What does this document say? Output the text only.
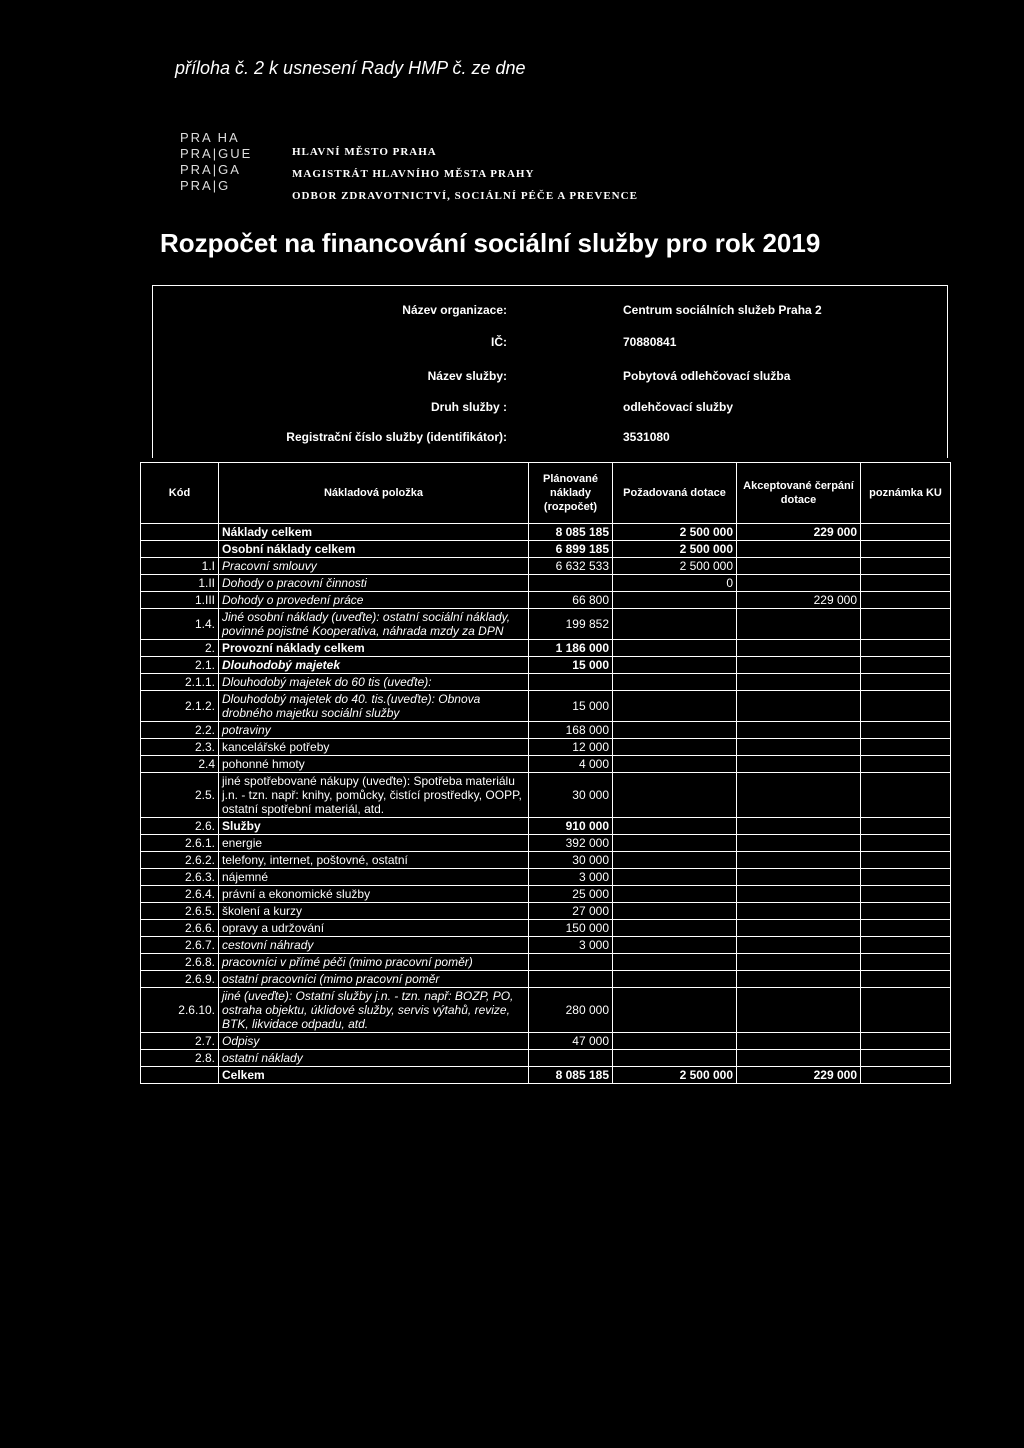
příloha č. 2 k usnesení Rady HMP č. ze dne
PRA HA
PRA|GUE
PRA|GA
PRA|G
HLAVNÍ MĚSTO PRAHA
MAGISTRÁT HLAVNÍHO MĚSTA PRAHY
ODBOR ZDRAVOTNICTVÍ, SOCIÁLNÍ PÉČE A PREVENCE
Rozpočet na financování sociální služby pro rok 2019
Název organizace:	Centrum sociálních služeb Praha 2
IČ:	70880841
Název služby:	Pobytová odlehčovací služba
Druh služby :	odlehčovací služby
Registrační číslo služby (identifikátor):	3531080
Kód	Nákladová položka	Plánované náklady (rozpočet)	Požadovaná dotace	Akceptované čerpání dotace	poznámka KU
	Náklady celkem	8 085 185	2 500 000	229 000	
	Osobní náklady celkem	6 899 185	2 500 000		
1.I	Pracovní smlouvy	6 632 533	2 500 000		
1.II	Dohody o pracovní činnosti		0		
1.III	Dohody o provedení práce	66 800		229 000	
1.4.	Jiné osobní náklady (uveďte): ostatní sociální náklady, povinné pojistné Kooperativa, náhrada mzdy za DPN	199 852			
2.	Provozní náklady celkem	1 186 000			
2.1.	Dlouhodobý majetek	15 000			
2.1.1.	Dlouhodobý majetek do 60 tis (uveďte):				
2.1.2.	Dlouhodobý majetek do 40. tis.(uveďte): Obnova drobného majetku sociální služby	15 000			
2.2.	potraviny	168 000			
2.3.	kancelářské potřeby	12 000			
2.4	pohonné hmoty	4 000			
2.5.	jiné spotřebované nákupy (uveďte): Spotřeba materiálu j.n. - tzn. např: knihy, pomůcky, čistící prostředky, OOPP, ostatní spotřební materiál, atd.	30 000			
2.6.	Služby	910 000			
2.6.1.	energie	392 000			
2.6.2.	telefony, internet, poštovné, ostatní	30 000			
2.6.3.	nájemné	3 000			
2.6.4.	právní a ekonomické služby	25 000			
2.6.5.	školení a kurzy	27 000			
2.6.6.	opravy a udržování	150 000			
2.6.7.	cestovní náhrady	3 000			
2.6.8.	pracovníci v přímé péči (mimo pracovní poměr)				
2.6.9.	ostatní pracovníci (mimo pracovní poměr				
2.6.10.	jiné (uveďte): Ostatní služby j.n. - tzn. např: BOZP, PO, ostraha objektu, úklidové služby, servis výtahů, revize, BTK, likvidace odpadu, atd.	280 000			
2.7.	Odpisy	47 000			
2.8.	ostatní náklady				
	Celkem	8 085 185	2 500 000	229 000	
